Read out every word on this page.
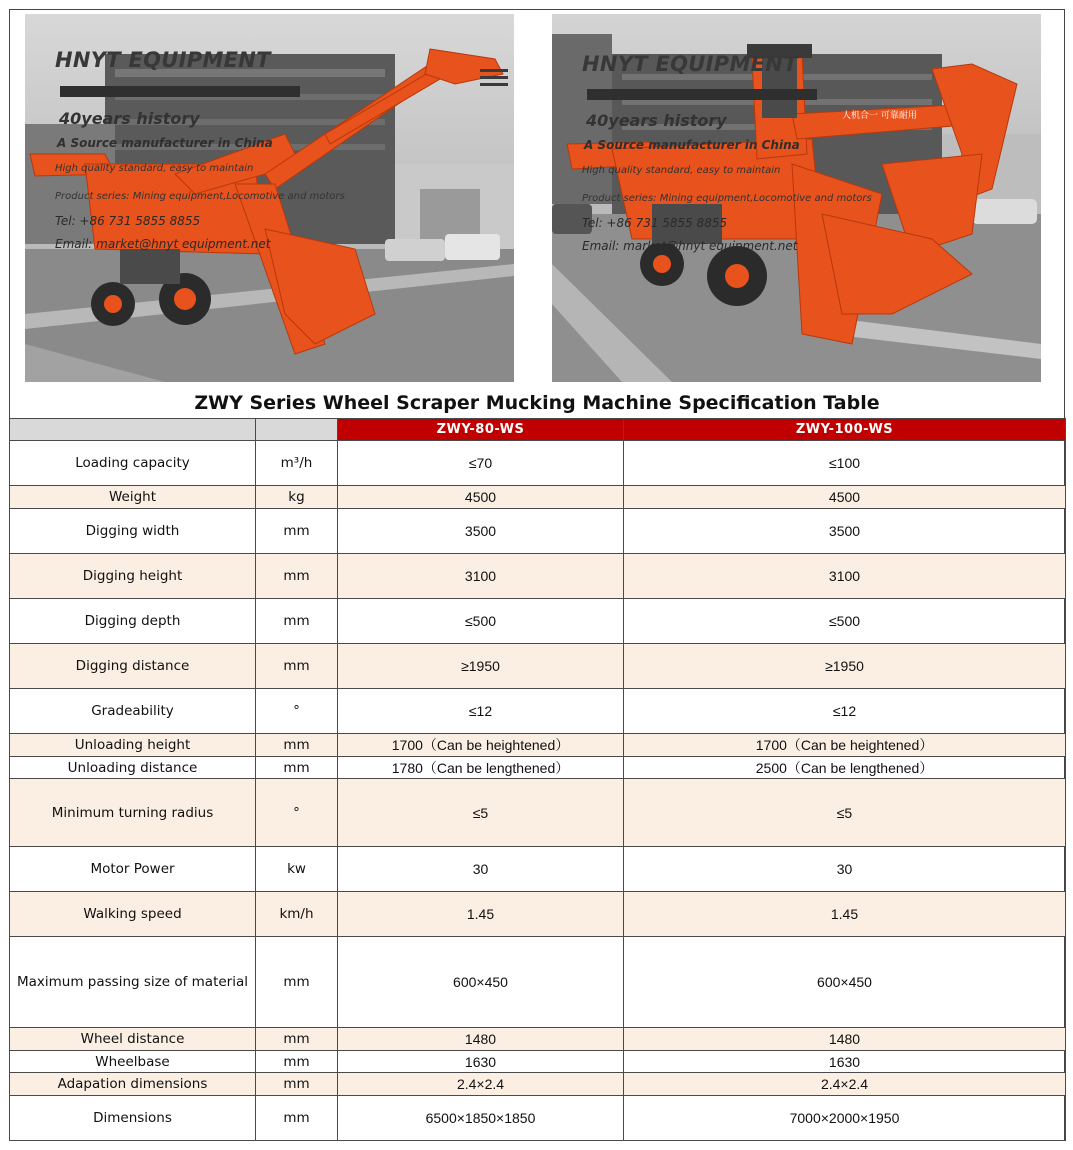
HNYT EQUIPMENT
40years history
A Source manufacturer in China
High quality standard, easy to maintain
Product series: Mining equipment,Locomotive and motors
Tel: +86 731 5855 8855
Email: market@hnyt equipment.net
HNYT EQUIPMENT
40years history
A Source manufacturer in China
High quality standard, easy to maintain
Product series: Mining equipment,Locomotive and motors
Tel: +86 731 5855 8855
Email: market@hnyt equipment.net
人机合一 可靠耐用
ZWY Series Wheel Scraper Mucking Machine Specification Table
		ZWY-80-WS	ZWY-100-WS
Loading capacity	m³/h	≤70	≤100
Weight	kg	4500	4500
Digging width	mm	3500	3500
Digging height	mm	3100	3100
Digging depth	mm	≤500	≤500
Digging distance	mm	≥1950	≥1950
Gradeability	°	≤12	≤12
Unloading height	mm	1700（Can be heightened）	1700（Can be heightened）
Unloading distance	mm	1780（Can be lengthened）	2500（Can be lengthened）
Minimum turning radius	°	≤5	≤5
Motor Power	kw	30	30
Walking speed	km/h	1.45	1.45
Maximum passing size of material	mm	600×450	600×450
Wheel distance	mm	1480	1480
Wheelbase	mm	1630	1630
Adapation dimensions	mm	2.4×2.4	2.4×2.4
Dimensions	mm	6500×1850×1850	7000×2000×1950
